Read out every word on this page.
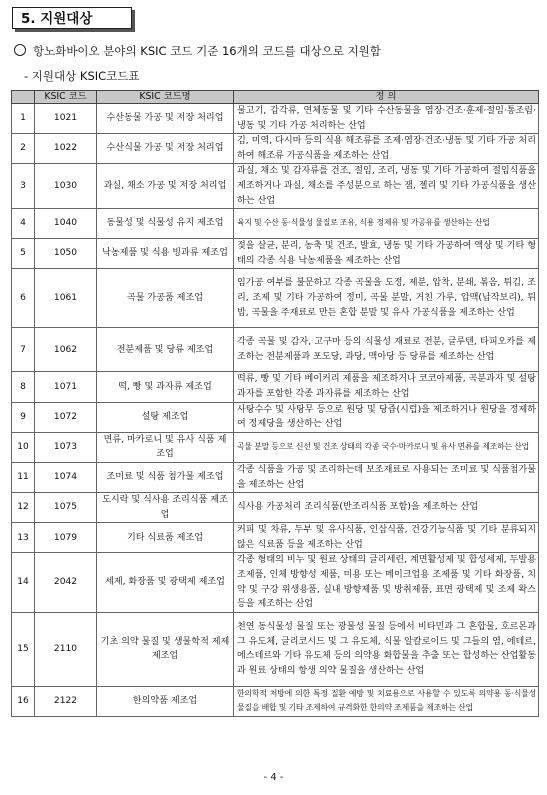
5. 지원대상
항노화바이오 분야의 KSIC 코드 기준 16개의 코드를 대상으로 지원함
- 지원대상 KSIC코드표
	KSIC 코드	KSIC 코드명	정 의
1	1021	수산동물 가공 및 저장 처리업	물고기, 갑각류, 연체동물 및 기타 수산동물을 염장·건조·훈제·절임·통조림·냉동 및 기타 가공 처리하는 산업
2	1022	수산식물 가공 및 저장 처리업	김, 미역, 다시마 등의 식용 해조류를 조제·염장·건조·냉동 및 기타 가공 처리하여 해조류 가공식품을 제조하는 산업
3	1030	과실, 채소 가공 및 저장 처리업	과실, 채소 및 감자류를 건조, 절임, 조리, 냉동 및 기타 가공하여 절임식품을 제조하거나 과실, 채소를 주성분으로 하는 잼, 젤리 및 기타 가공식품을 생산하는 산업
4	1040	동물성 및 식물성 유지 제조업	육지 및 수산 동·식물성 물질로 조유, 식용 정제유 및 가공유를 생산하는 산업
5	1050	낙농제품 및 식용 빙과류 제조업	젖을 살균, 분리, 농축 및 건조, 발효, 냉동 및 기타 가공하여 액상 및 기타 형태의 각종 식용 낙농제품을 제조하는 산업
6	1061	곡물 가공품 제조업	임가공 여부를 불문하고 각종 곡물을 도정, 제분, 압착, 분쇄, 볶음, 튀김, 조리, 조제 및 기타 가공하여 정미, 곡물 분말, 거친 가루, 압맥(납작보리), 튀밥, 곡물을 주재료로 만든 혼합 분말 및 유사 가공식품을 제조하는 산업
7	1062	전분제품 및 당류 제조업	각종 곡물 및 감자, 고구마 등의 식물성 재료로 전분, 글루텐, 타피오카를 제조하는 전분제품과 포도당, 과당, 맥아당 등 당류를 제조하는 산업
8	1071	떡, 빵 및 과자류 제조업	떡류, 빵 및 기타 베이커리 제품을 제조하거나 코코아제품, 곡분과자 및 설탕과자를 포함한 각종 과자류를 제조하는 산업
9	1072	설탕 제조업	사탕수수 및 사탕무 등으로 원당 및 당즙(시럽)을 제조하거나 원당을 정제하여 정제당을 생산하는 산업
10	1073	면류, 마카로니 및 유사 식품 제조업	곡물 분말 등으로 신선 및 건조 상태의 각종 국수·마카로니 및 유사 면류를 제조하는 산업
11	1074	조미료 및 식품 첨가물 제조업	각종 식품을 가공 및 조리하는데 보조재료로 사용되는 조미료 및 식품첨가물을 제조하는 산업
12	1075	도시락 및 식사용 조리식품 제조업	식사용 가공처리 조리식품(반조리식품 포함)을 제조하는 산업
13	1079	기타 식료품 제조업	커피 및 차류, 두부 및 유사식품, 인삼식품, 건강기능식품 및 기타 분류되지 않은 식료품 등을 제조하는 산업
14	2042	세제, 화장품 및 광택제 제조업	각종 형태의 비누 및 원료 상태의 글리세린, 계면활성제 및 합성세제, 두발용 조제품, 인체 방향성 제품, 미용 또는 메이크업용 조제품 및 기타 화장품, 치약 및 구강 위생용품, 실내 방향제품 및 방취제품, 표면 광택제 및 조제 왁스 등을 제조하는 산업
15	2110	기초 의약 물질 및 생물학적 제제 제조업	천연 동식물성 물질 또는 광물성 물질 등에서 비타민과 그 혼합물, 호르몬과 그 유도체, 글리코시드 및 그 유도체, 식물 알칼로이드 및 그들의 염, 에테르, 에스테르와 기타 유도체 등의 의약용 화합물을 추출 또는 합성하는 산업활동과 원료 상태의 항생 의약 물질을 생산하는 산업
16	2122	한의약품 제조업	한의학적 처방에 의한 특정 질환 예방 및 치료용으로 사용할 수 있도록 의약용 동·식물성 물질을 배합 및 기타 조제하여 규격화한 한의약 조제품을 제조하는 산업
- 4 -
